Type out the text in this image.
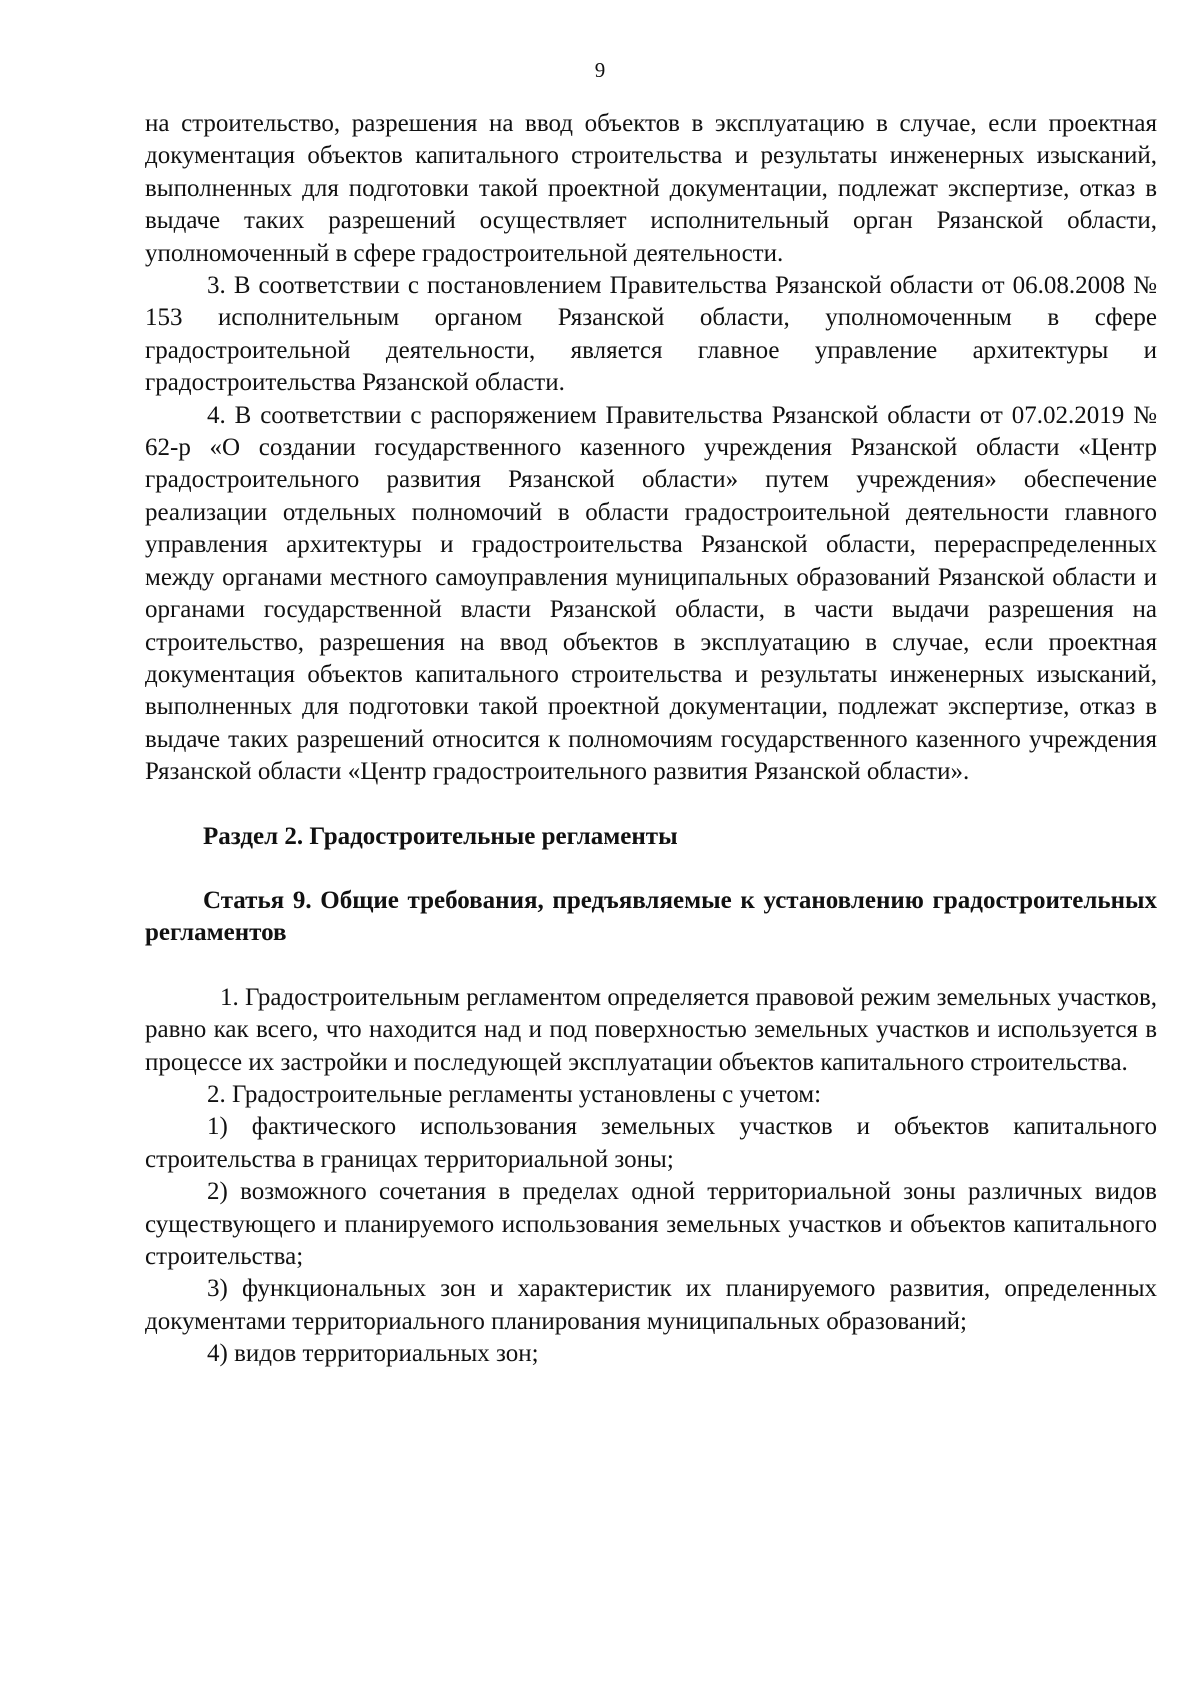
9

на строительство, разрешения на ввод объектов в эксплуатацию в случае, если проектная документация объектов капитального строительства и результаты инженерных изысканий, выполненных для подготовки такой проектной документации, подлежат экспертизе, отказ в выдаче таких разрешений осуществляет исполнительный орган Рязанской области, уполномоченный в сфере градостроительной деятельности.

3. В соответствии с постановлением Правительства Рязанской области от 06.08.2008 № 153 исполнительным органом Рязанской области, уполномоченным в сфере градостроительной деятельности, является главное управление архитектуры и градостроительства Рязанской области.

4. В соответствии с распоряжением Правительства Рязанской области от 07.02.2019 № 62-р «О создании государственного казенного учреждения Рязанской области «Центр градостроительного развития Рязанской области» путем учреждения» обеспечение реализации отдельных полномочий в области градостроительной деятельности главного управления архитектуры и градостроительства Рязанской области, перераспределенных между органами местного самоуправления муниципальных образований Рязанской области и органами государственной власти Рязанской области, в части выдачи разрешения на строительство, разрешения на ввод объектов в эксплуатацию в случае, если проектная документация объектов капитального строительства и результаты инженерных изысканий, выполненных для подготовки такой проектной документации, подлежат экспертизе, отказ в выдаче таких разрешений относится к полномочиям государственного казенного учреждения Рязанской области «Центр градостроительного развития Рязанской области».

Раздел 2. Градостроительные регламенты

Статья 9. Общие требования, предъявляемые к установлению градостроительных регламентов

1. Градостроительным регламентом определяется правовой режим земельных участков, равно как всего, что находится над и под поверхностью земельных участков и используется в процессе их застройки и последующей эксплуатации объектов капитального строительства.

2. Градостроительные регламенты установлены с учетом:

1) фактического использования земельных участков и объектов капитального строительства в границах территориальной зоны;

2) возможного сочетания в пределах одной территориальной зоны различных видов существующего и планируемого использования земельных участков и объектов капитального строительства;

3) функциональных зон и характеристик их планируемого развития, определенных документами территориального планирования муниципальных образований;

4) видов территориальных зон;
